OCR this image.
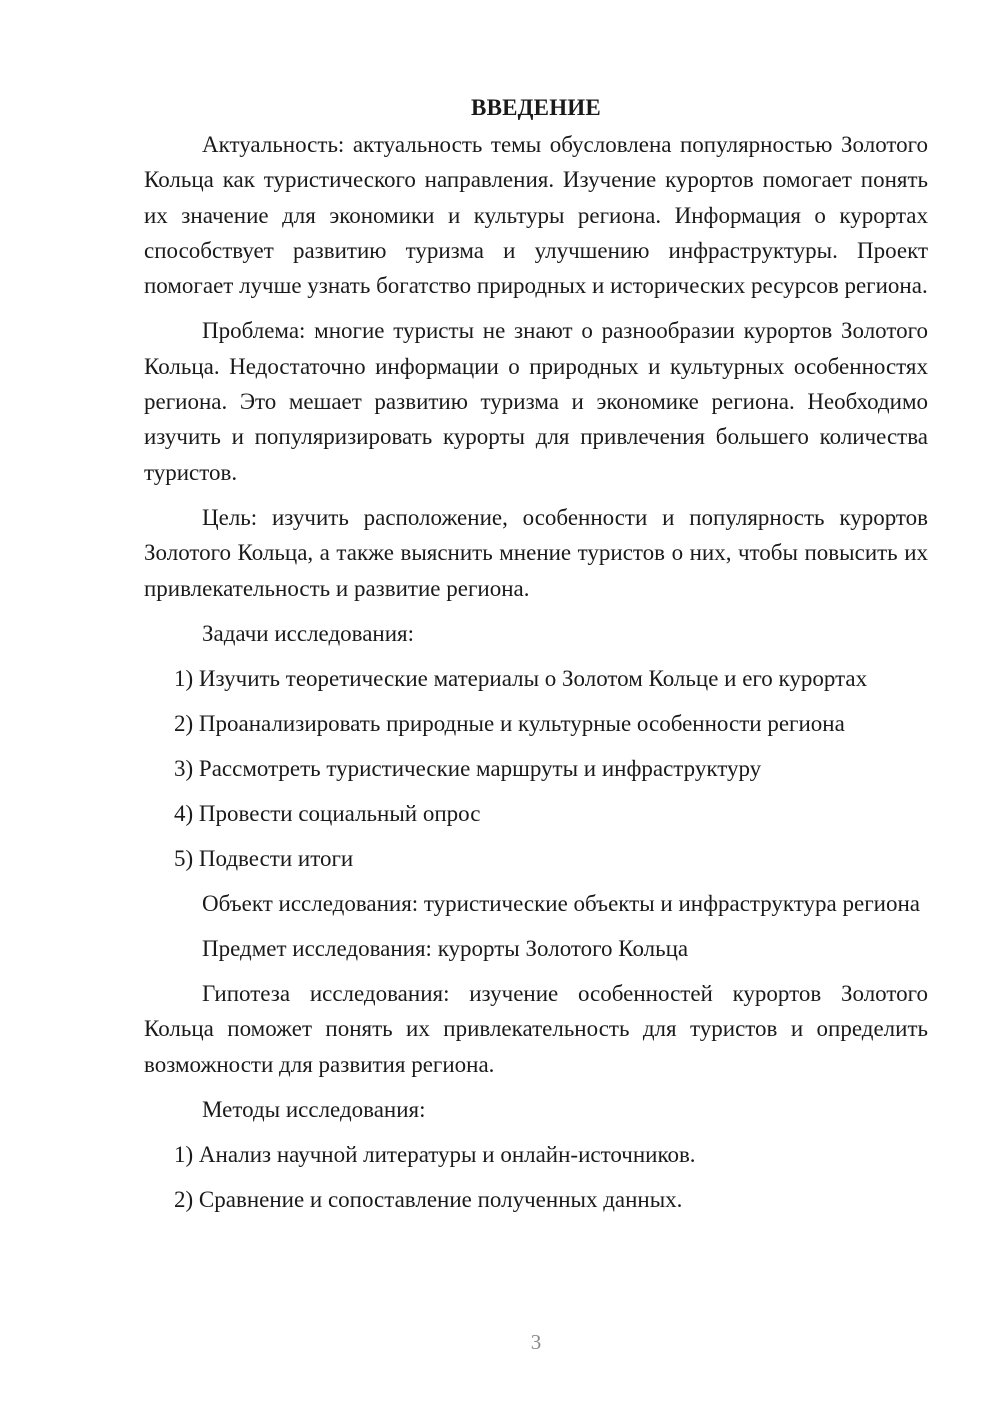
ВВЕДЕНИЕ

Актуальность: актуальность темы обусловлена популярностью Золотого Кольца как туристического направления. Изучение курортов помогает понять их значение для экономики и культуры региона. Информация о курортах способствует развитию туризма и улучшению инфраструктуры. Проект помогает лучше узнать богатство природных и исторических ресурсов региона.

Проблема: многие туристы не знают о разнообразии курортов Золотого Кольца. Недостаточно информации о природных и культурных особенностях региона. Это мешает развитию туризма и экономике региона. Необходимо изучить и популяризировать курорты для привлечения большего количества туристов.

Цель: изучить расположение, особенности и популярность курортов Золотого Кольца, а также выяснить мнение туристов о них, чтобы повысить их привлекательность и развитие региона.

Задачи исследования:

1) Изучить теоретические материалы о Золотом Кольце и его курортах
2) Проанализировать природные и культурные особенности региона
3) Рассмотреть туристические маршруты и инфраструктуру
4) Провести социальный опрос
5) Подвести итоги

Объект исследования: туристические объекты и инфраструктура региона

Предмет исследования: курорты Золотого Кольца

Гипотеза исследования: изучение особенностей курортов Золотого Кольца поможет понять их привлекательность для туристов и определить возможности для развития региона.

Методы исследования:

1) Анализ научной литературы и онлайн-источников.
2) Сравнение и сопоставление полученных данных.
3
